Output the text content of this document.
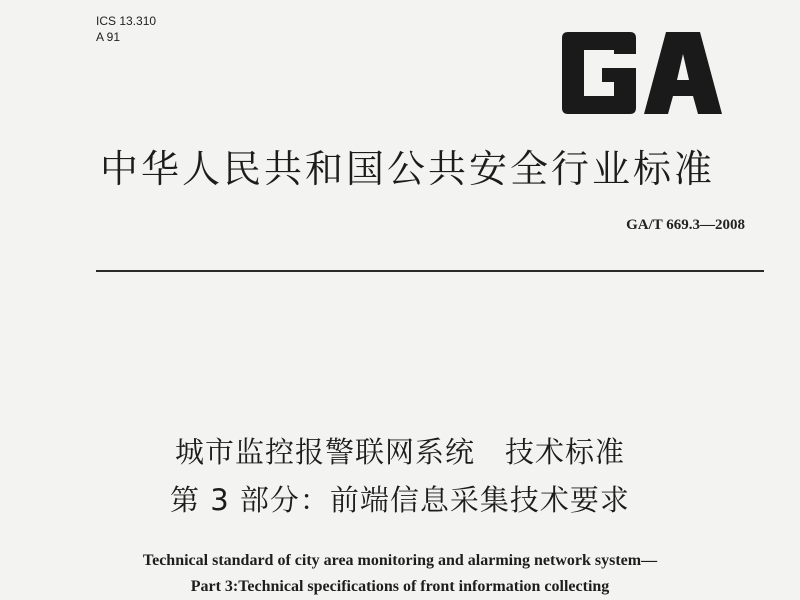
ICS 13.310
A 91
中华人民共和国公共安全行业标准
GA/T 669.3—2008
城市监控报警联网系统　技术标准
第 3 部分：前端信息采集技术要求
Technical standard of city area monitoring and alarming network system—
Part 3:Technical specifications of front information collecting
